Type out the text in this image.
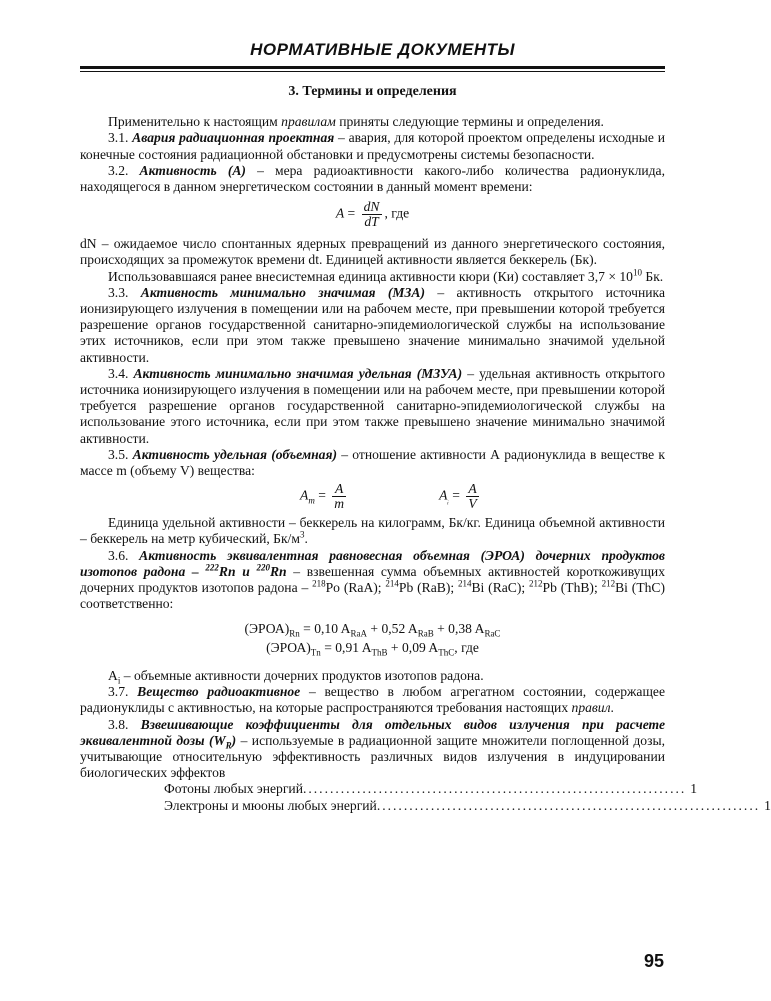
НОРМАТИВНЫЕ ДОКУМЕНТЫ
3. Термины и определения

Применительно к настоящим правилам приняты следующие термины и определения.

3.1. Авария радиационная проектная – авария, для которой проектом определены исходные и конечные состояния радиационной обстановки и предусмотрены системы безопасности.

3.2. Активность (А) – мера радиоактивности какого-либо количества радионуклида, находящегося в данном энергетическом состоянии в данный момент времени:

$A = \frac{dN}{dT}$ , где

dN – ожидаемое число спонтанных ядерных превращений из данного энергетического состояния, происходящих за промежуток времени dt. Единицей активности является беккерель (Бк).

Использовавшаяся ранее внесистемная единица активности кюри (Ки) составляет $3,7 \times 10^{10}$ Бк.

3.3. Активность минимально значимая (МЗА) – активность открытого источника ионизирующего излучения в помещении или на рабочем месте, при превышении которой требуется разрешение органов государственной санитарно-эпидемиологической службы на использование этих источников, если при этом также превышено значение минимально значимой удельной активности.

3.4. Активность минимально значимая удельная (МЗУА) – удельная активность открытого источника ионизирующего излучения в помещении или на рабочем месте, при превышении которой требуется разрешение органов государственной санитарно-эпидемиологической службы на использование этого источника, если при этом также превышено значение минимально значимой активности.

3.5. Активность удельная (объемная) – отношение активности А радионуклида в веществе к массе m (объему V) вещества:

$A_m = \frac{A}{m}$	$A_ᵢ = \frac{A}{V}$

Единица удельной активности – беккерель на килограмм, Бк/кг. Единица объемной активности – беккерель на метр кубический, $Бк/м^3$.

3.6. Активность эквивалентная равновесная объемная (ЭРОА) дочерних продуктов изотопов радона – $^{222}$Rn и $^{220}$Rn – взвешенная сумма объемных активностей короткоживущих дочерних продуктов изотопов радона – $^{218}$Po (RaA); $^{214}$Pb (RaB); $^{214}$Bi (RaC); $^{212}$Pb (ThB); $^{212}$Bi (ThC) соответственно:

$(ЭРОА)_{Rn} = 0,10$ $A_{RaA} + 0,52$ $A_{RaB} + 0,38$ $A_{RaC}$
$(ЭРОА)_{Tn} = 0,91$ $A_{ThB} + 0,09$ $A_{ThC}$, где

$A_i$ – объемные активности дочерних продуктов изотопов радона.

3.7. Вещество радиоактивное – вещество в любом агрегатном состоянии, содержащее радионуклиды с активностью, на которые распространяются требования настоящих правил.

3.8. Взвешивающие коэффициенты для отдельных видов излучения при расчете эквивалентной дозы $(W_R)$ – используемые в радиационной защите множители поглощенной дозы, учитывающие относительную эффективность различных видов излучения в индуцировании биологических эффектов

Фотоны любых энергий ....................................................................... 1
Электроны и мюоны любых энергий ....................................................................... 1
95
